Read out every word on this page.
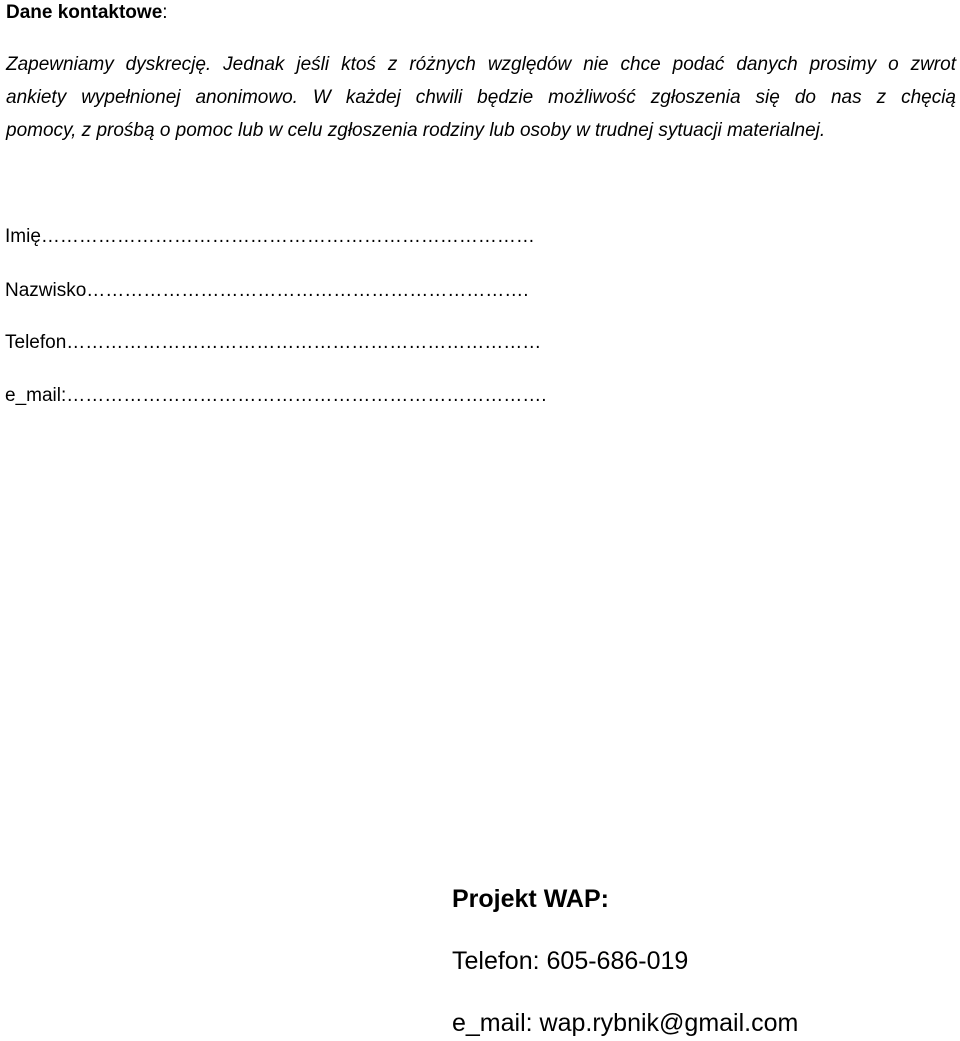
Dane kontaktowe:
Zapewniamy dyskrecję. Jednak jeśli ktoś z różnych względów nie chce podać danych prosimy o zwrot
ankiety wypełnionej anonimowo. W każdej chwili będzie możliwość zgłoszenia się do nas z chęcią
pomocy, z prośbą o pomoc lub w celu zgłoszenia rodziny lub osoby w trudnej sytuacji materialnej.
Imię……………………………………………………………………
Nazwisko…………………………………………………………….
Telefon…………………………………………………………………
e_mail:………………………………………………………………….
Projekt WAP:
Telefon: 605-686-019
e_mail: wap.rybnik@gmail.com
